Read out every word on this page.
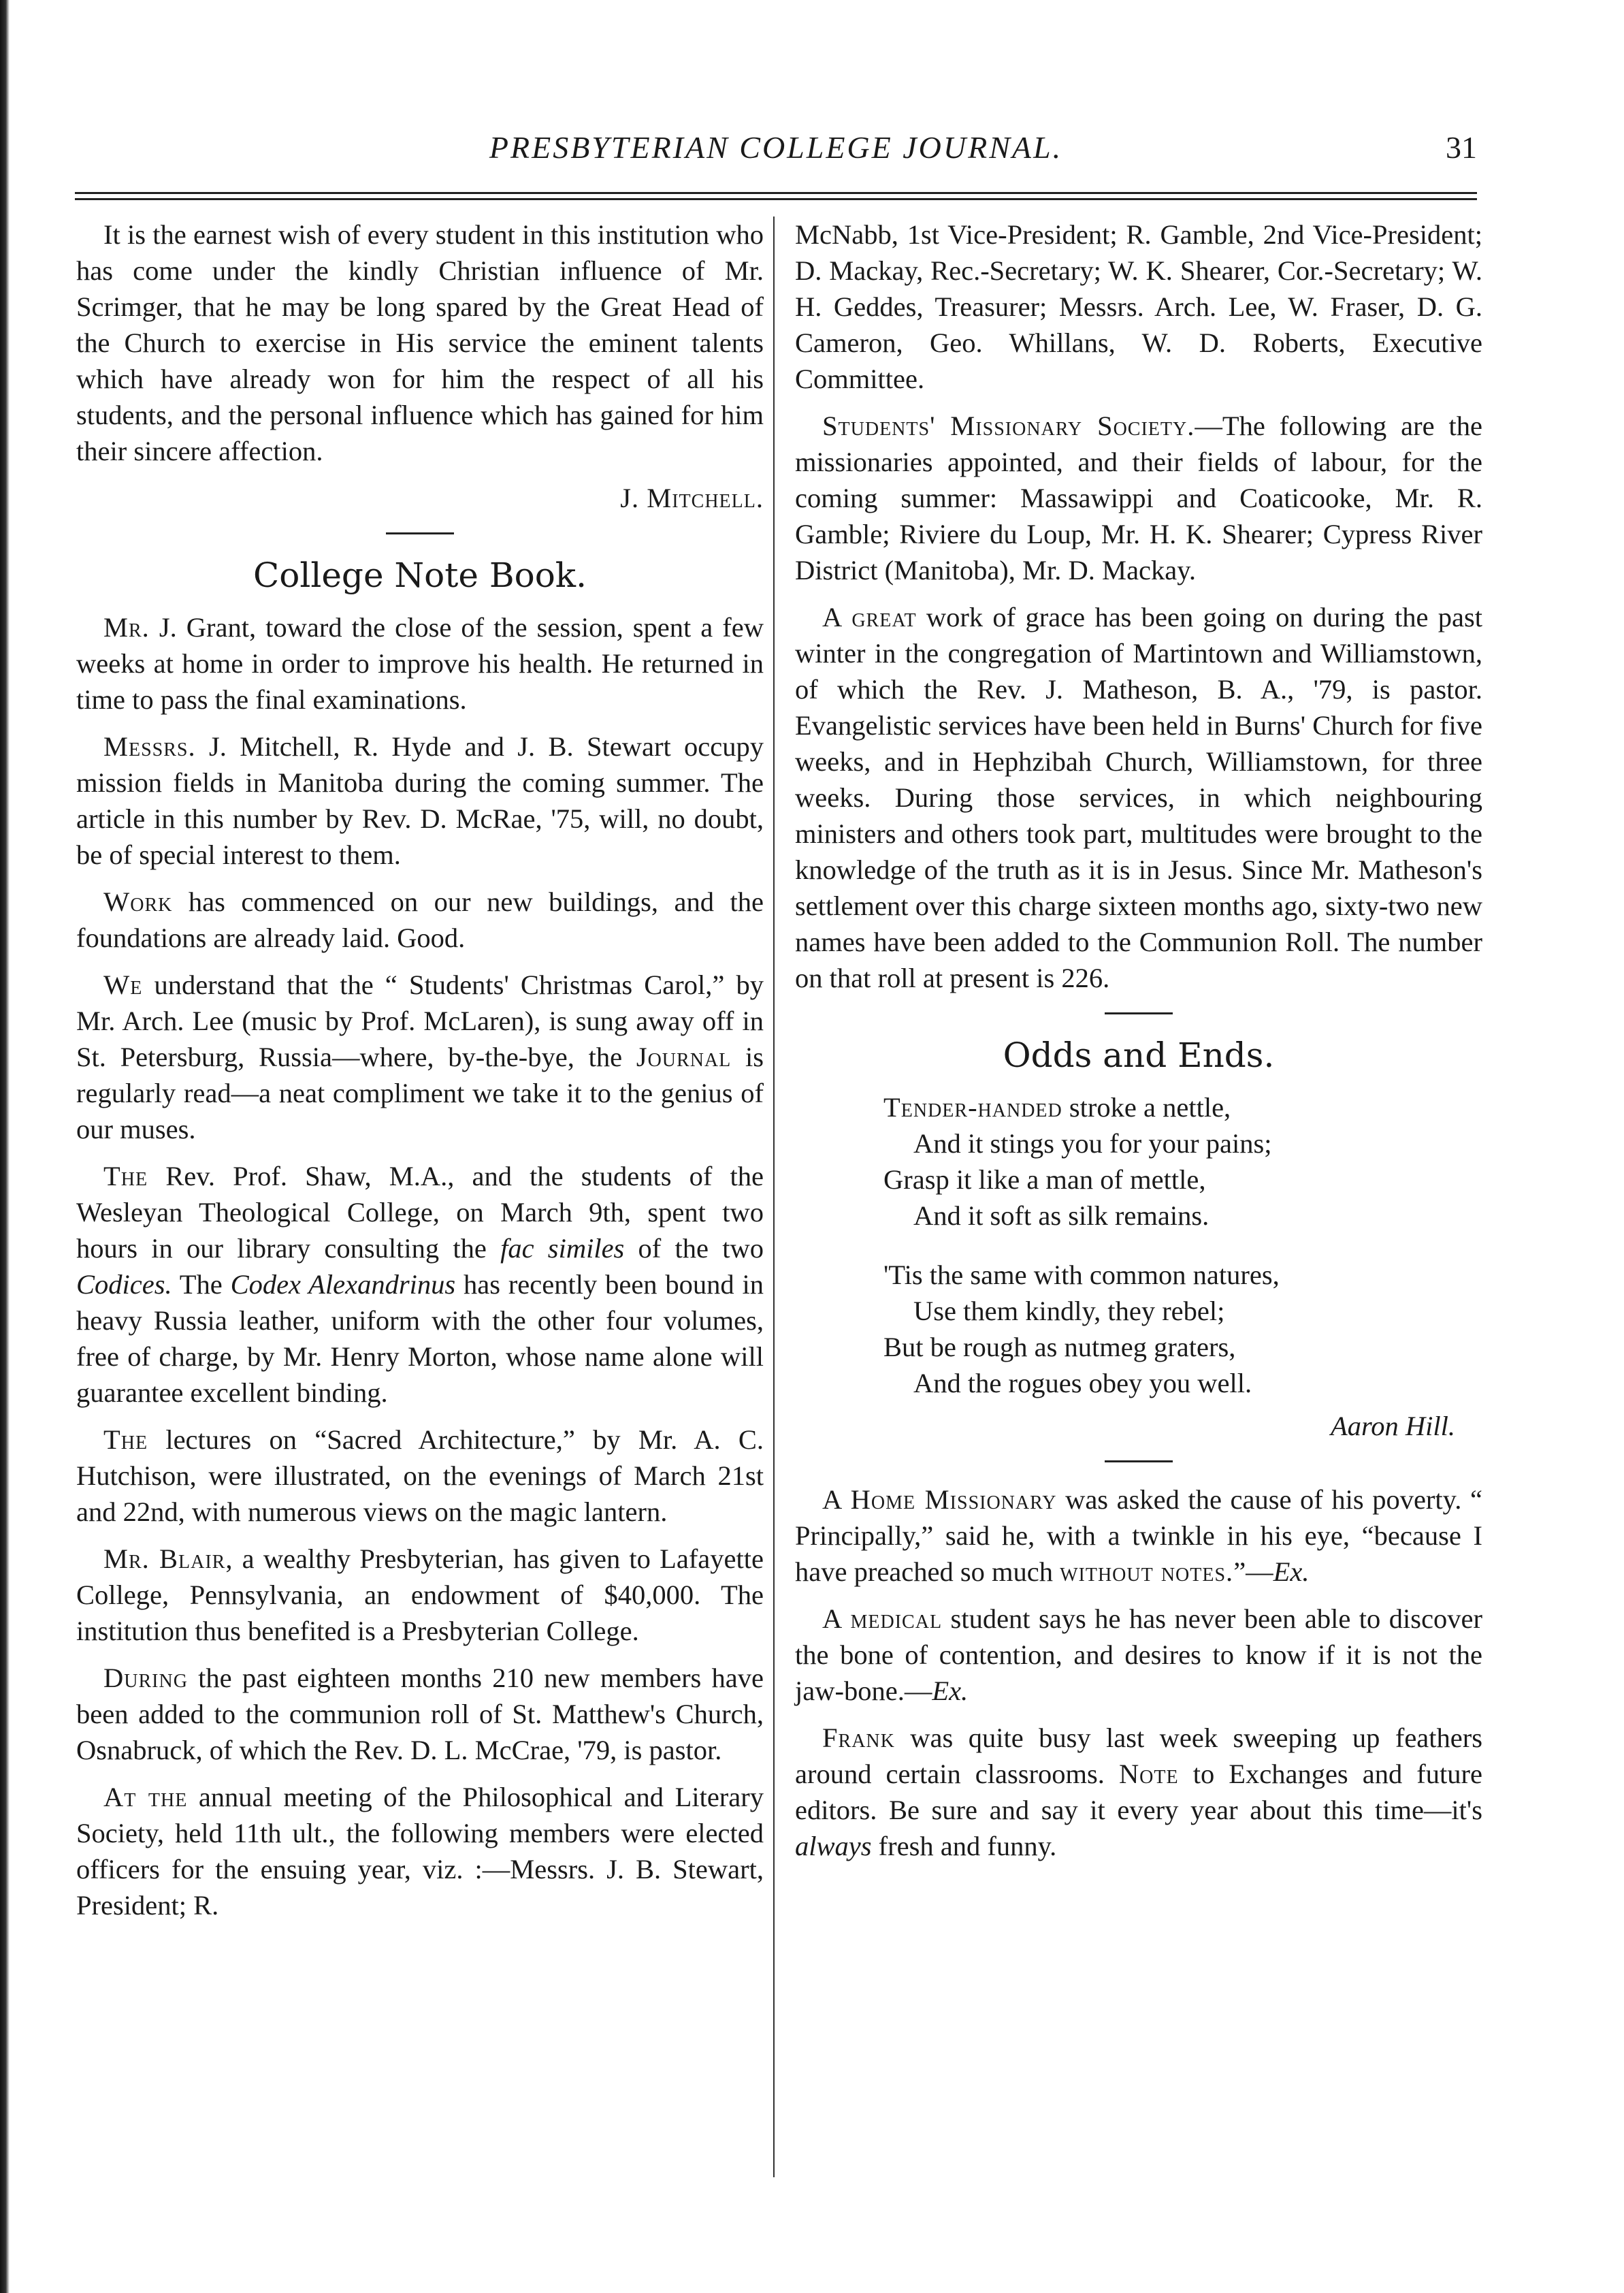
PRESBYTERIAN COLLEGE JOURNAL.	31

It is the earnest wish of every student in this institution who has come under the kindly Christian influence of Mr. Scrimger, that he may be long spared by the Great Head of the Church to exercise in His service the eminent talents which have already won for him the respect of all his students, and the personal influence which has gained for him their sincere affection.

J. Mitchell.
College Note Book.

Mr. J. Grant, toward the close of the session, spent a few weeks at home in order to improve his health. He returned in time to pass the final examinations.

Messrs. J. Mitchell, R. Hyde and J. B. Stewart occupy mission fields in Manitoba during the coming summer. The article in this number by Rev. D. McRae, '75, will, no doubt, be of special interest to them.

Work has commenced on our new buildings, and the foundations are already laid. Good.

We understand that the “ Students' Christmas Carol,” by Mr. Arch. Lee (music by Prof. McLaren), is sung away off in St. Petersburg, Russia—where, by-the-bye, the Journal is regularly read—a neat compliment we take it to the genius of our muses.

The Rev. Prof. Shaw, M.A., and the students of the Wesleyan Theological College, on March 9th, spent two hours in our library consulting the fac similes of the two Codices. The Codex Alexandrinus has recently been bound in heavy Russia leather, uniform with the other four volumes, free of charge, by Mr. Henry Morton, whose name alone will guarantee excellent binding.

The lectures on “Sacred Architecture,” by Mr. A. C. Hutchison, were illustrated, on the evenings of March 21st and 22nd, with numerous views on the magic lantern.

Mr. Blair, a wealthy Presbyterian, has given to Lafayette College, Pennsylvania, an endowment of $40,000. The institution thus benefited is a Presbyterian College.

During the past eighteen months 210 new members have been added to the communion roll of St. Matthew's Church, Osnabruck, of which the Rev. D. L. McCrae, '79, is pastor.

At the annual meeting of the Philosophical and Literary Society, held 11th ult., the following members were elected officers for the ensuing year, viz. :—Messrs. J. B. Stewart, President; R.

McNabb, 1st Vice-President; R. Gamble, 2nd Vice-President; D. Mackay, Rec.-Secretary; W. K. Shearer, Cor.-Secretary; W. H. Geddes, Treasurer; Messrs. Arch. Lee, W. Fraser, D. G. Cameron, Geo. Whillans, W. D. Roberts, Executive Committee.

Students' Missionary Society.—The following are the missionaries appointed, and their fields of labour, for the coming summer: Massawippi and Coaticooke, Mr. R. Gamble; Riviere du Loup, Mr. H. K. Shearer; Cypress River District (Manitoba), Mr. D. Mackay.

A great work of grace has been going on during the past winter in the congregation of Martintown and Williamstown, of which the Rev. J. Matheson, B. A., '79, is pastor. Evangelistic services have been held in Burns' Church for five weeks, and in Hephzibah Church, Williamstown, for three weeks. During those services, in which neighbouring ministers and others took part, multitudes were brought to the knowledge of the truth as it is in Jesus. Since Mr. Matheson's settlement over this charge sixteen months ago, sixty-two new names have been added to the Communion Roll. The number on that roll at present is 226.

Odds and Ends.
Tender-handed stroke a nettle,
And it stings you for your pains;
Grasp it like a man of mettle,
And it soft as silk remains.
'Tis the same with common natures,
Use them kindly, they rebel;
But be rough as nutmeg graters,
And the rogues obey you well.
Aaron Hill.

A Home Missionary was asked the cause of his poverty. “ Principally,” said he, with a twinkle in his eye, “because I have preached so much without notes.”—Ex.

A medical student says he has never been able to discover the bone of contention, and desires to know if it is not the jaw-bone.—Ex.

Frank was quite busy last week sweeping up feathers around certain classrooms. Note to Exchanges and future editors. Be sure and say it every year about this time—it's always fresh and funny.
